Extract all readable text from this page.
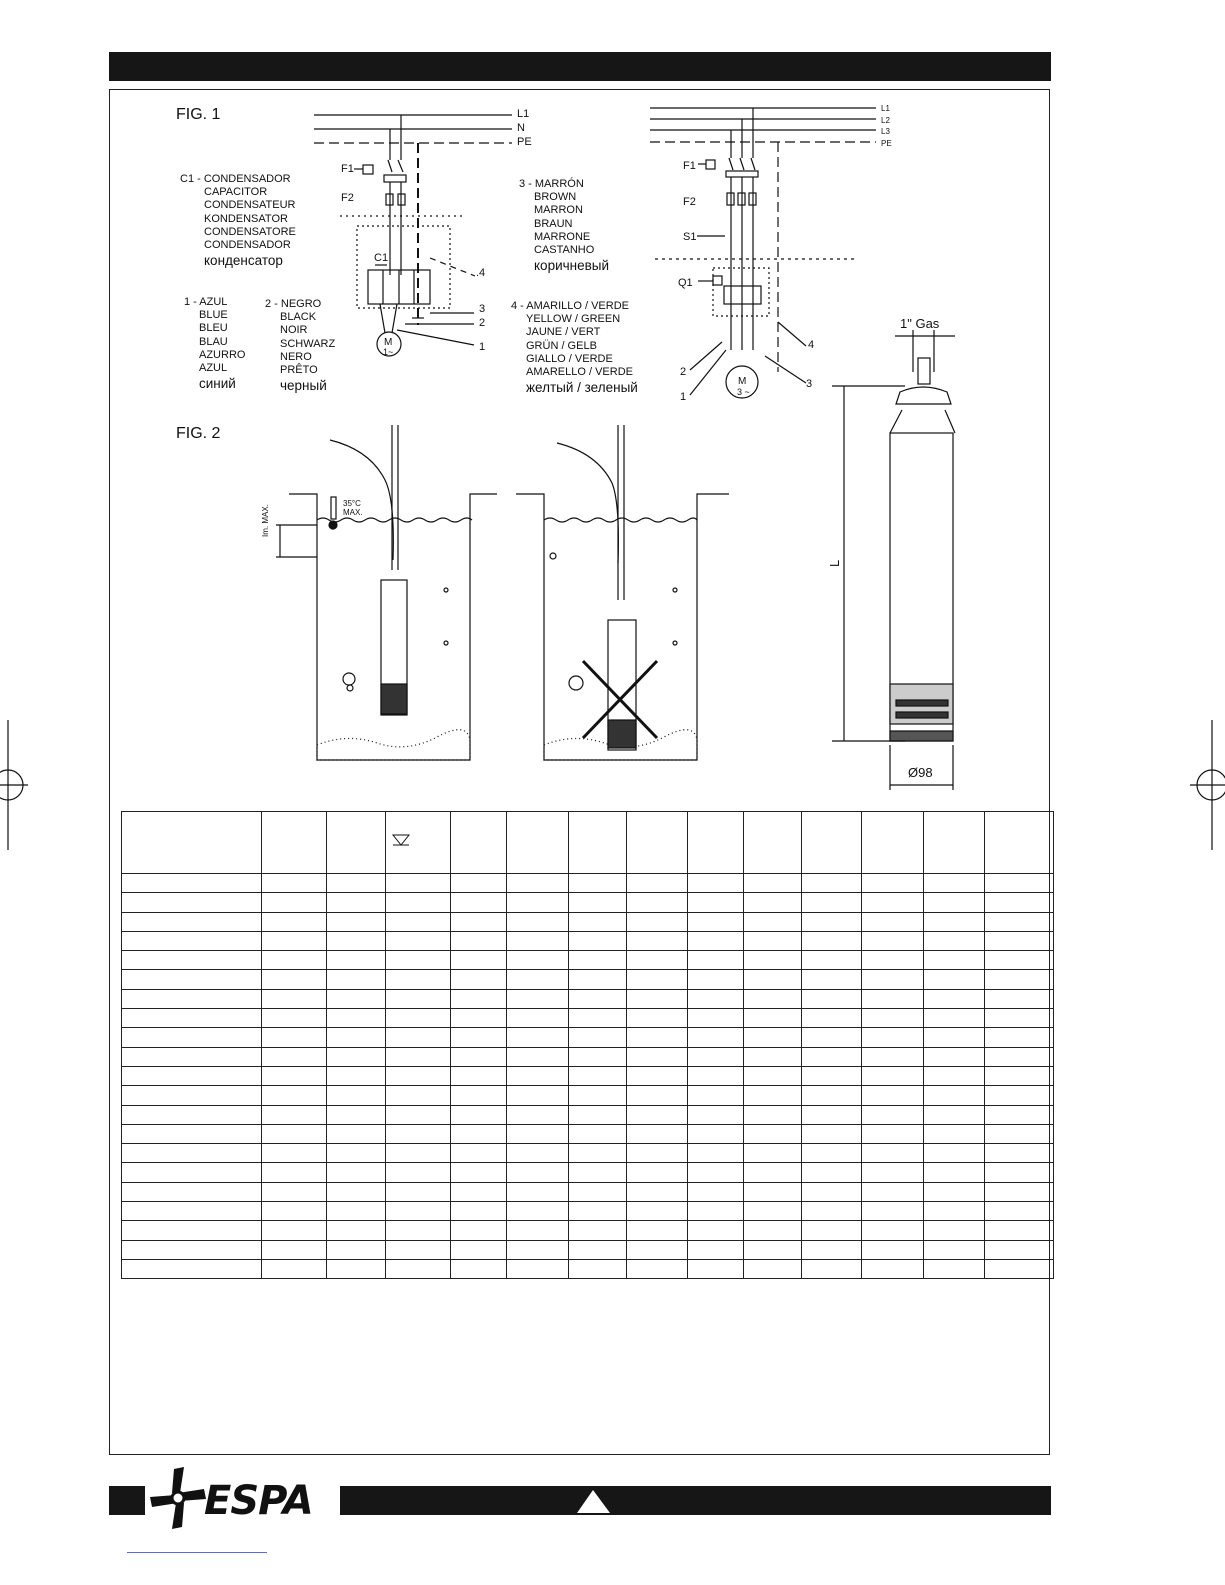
FIG. 1	L1
N
PE
L1
L2
L3
PE
F1
F2
C1
.4
3
2
1
M
1~
F1
F2
S1
Q1
2
1
4
3
M
3 ~
C1 - CONDENSADOR
CAPACITOR
CONDENSATEUR
KONDENSATOR
CONDENSATORE
CONDENSADOR
конденсатор
1 - AZUL
BLUE
BLEU
BLAU
AZURRO
AZUL
синий
2 - NEGRO
BLACK
NOIR
SCHWARZ
NERO
PRÊTO
черный
3 - MARRÓN
BROWN
MARRON
BRAUN
MARRONE
CASTANHO
коричневый
4 - AMARILLO / VERDE
YELLOW / GREEN
JAUNE / VERT
GRÜN / GELB
GIALLO / VERDE
AMARELLO / VERDE
желтый / зеленый
FIG. 2
35°C
MAX.
Im. MAX.
1" Gas
L
Ø98

ESPA
